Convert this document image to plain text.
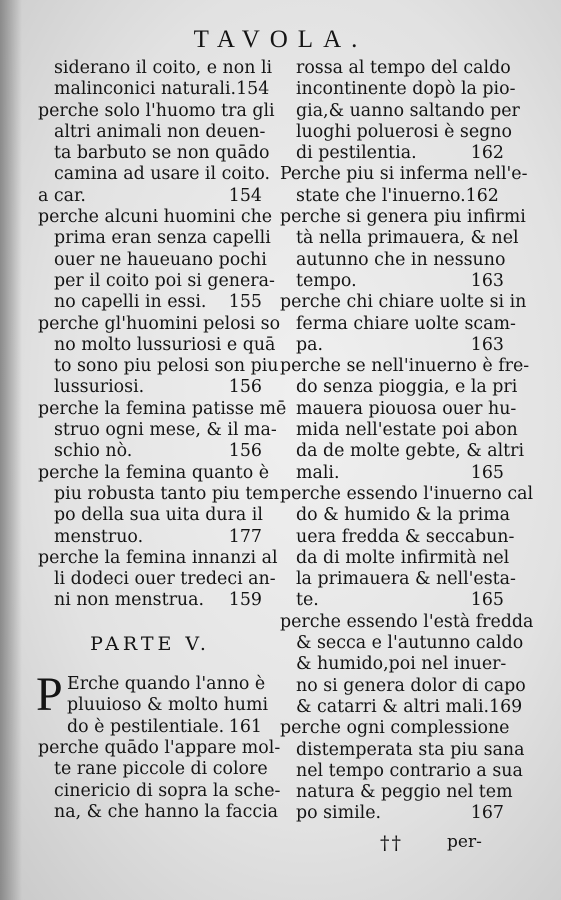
TAVOLA.
siderano il coito, e non li
malinconici naturali.154
perche solo l'huomo tra gli
altri animali non deuen-
ta barbuto se non quādo
camina ad usare il coito.
154
a car.
perche alcuni huomini che
prima eran senza capelli
ouer ne haueuano pochi
per il coito poi si genera-
155
no capelli in essi.
perche gl'huomini pelosi so
no molto lussuriosi e quā
to sono piu pelosi son piu
156
lussuriosi.
perche la femina patisse mē
struo ogni mese, & il ma-
156
schio nò.
perche la femina quanto è
piu robusta tanto piu tem
po della sua uita dura il
177
menstruo.
perche la femina innanzi al
li dodeci ouer tredeci an-
159
ni non menstrua.
PARTE V.
P Erche quando l'anno è
pluuioso & molto humi
161
do è pestilentiale.
perche quādo l'appare mol-
te rane piccole di colore
cinericio di sopra la sche-
na, & che hanno la faccia
rossa al tempo del caldo
incontinente dopò la pio-
gia,& uanno saltando per
luoghi poluerosi è segno
162
di pestilentia.
Perche piu si inferma nell'e-
state che l'inuerno.162
perche si genera piu infirmi
tà nella primauera, & nel
autunno che in nessuno
163
tempo.
perche chi chiare uolte si in
ferma chiare uolte scam-
163
pa.
perche se nell'inuerno è fre-
do senza pioggia, e la pri
mauera piouosa ouer hu-
mida nell'estate poi abon
da de molte gebte, & altri
165
mali.
perche essendo l'inuerno cal
do & humido & la prima
uera fredda & seccabun-
da di molte infirmità nel
la primauera & nell'esta-
165
te.
perche essendo l'està fredda
& secca e l'autunno caldo
& humido,poi nel inuer-
no si genera dolor di capo
& catarri & altri mali.169
perche ogni complessione
distemperata sta piu sana
nel tempo contrario a sua
natura & peggio nel tem
167
po simile.
††	per-
